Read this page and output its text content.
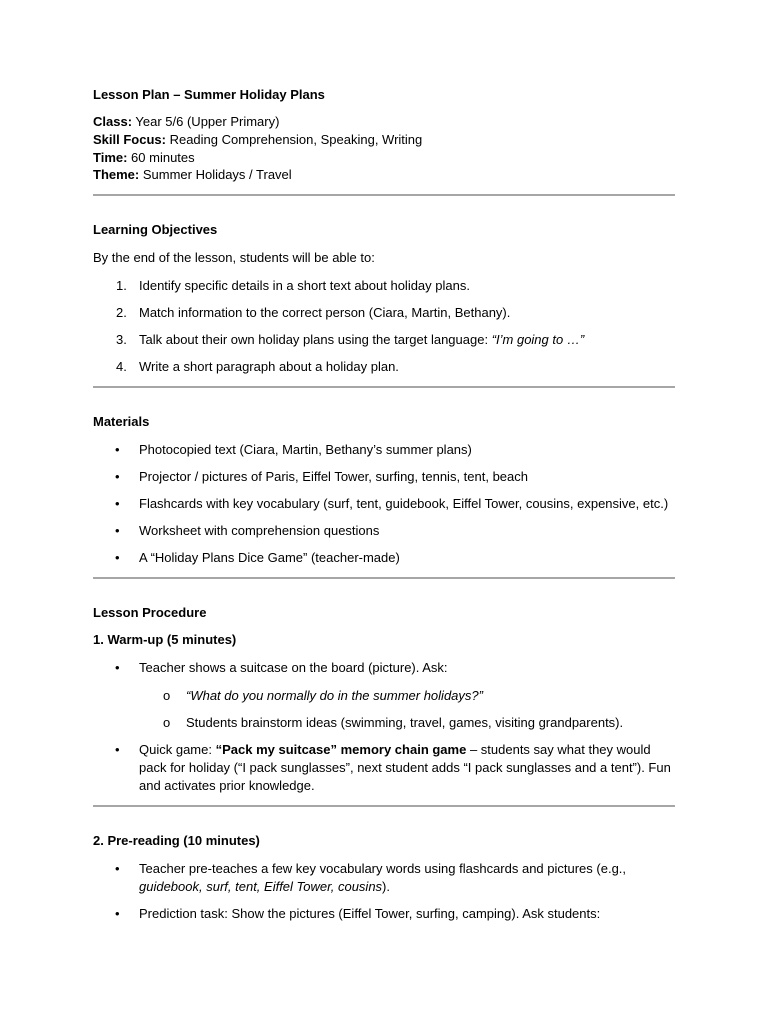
Lesson Plan – Summer Holiday Plans

Class: Year 5/6 (Upper Primary)

Skill Focus: Reading Comprehension, Speaking, Writing

Time: 60 minutes

Theme: Summer Holidays / Travel

Learning Objectives

By the end of the lesson, students will be able to:

1. Identify specific details in a short text about holiday plans.
2. Match information to the correct person (Ciara, Martin, Bethany).
3. Talk about their own holiday plans using the target language: “I’m going to …”
4. Write a short paragraph about a holiday plan.

Materials

• Photocopied text (Ciara, Martin, Bethany’s summer plans)
• Projector / pictures of Paris, Eiffel Tower, surfing, tennis, tent, beach
• Flashcards with key vocabulary (surf, tent, guidebook, Eiffel Tower, cousins, expensive, etc.)
• Worksheet with comprehension questions
• A “Holiday Plans Dice Game” (teacher-made)

Lesson Procedure

1. Warm-up (5 minutes)

• Teacher shows a suitcase on the board (picture). Ask:
o “What do you normally do in the summer holidays?”
o Students brainstorm ideas (swimming, travel, games, visiting grandparents).
• Quick game: “Pack my suitcase” memory chain game – students say what they would pack for holiday (“I pack sunglasses”, next student adds “I pack sunglasses and a tent”). Fun and activates prior knowledge.

2. Pre-reading (10 minutes)

• Teacher pre-teaches a few key vocabulary words using flashcards and pictures (e.g., guidebook, surf, tent, Eiffel Tower, cousins).
• Prediction task: Show the pictures (Eiffel Tower, surfing, camping). Ask students:
